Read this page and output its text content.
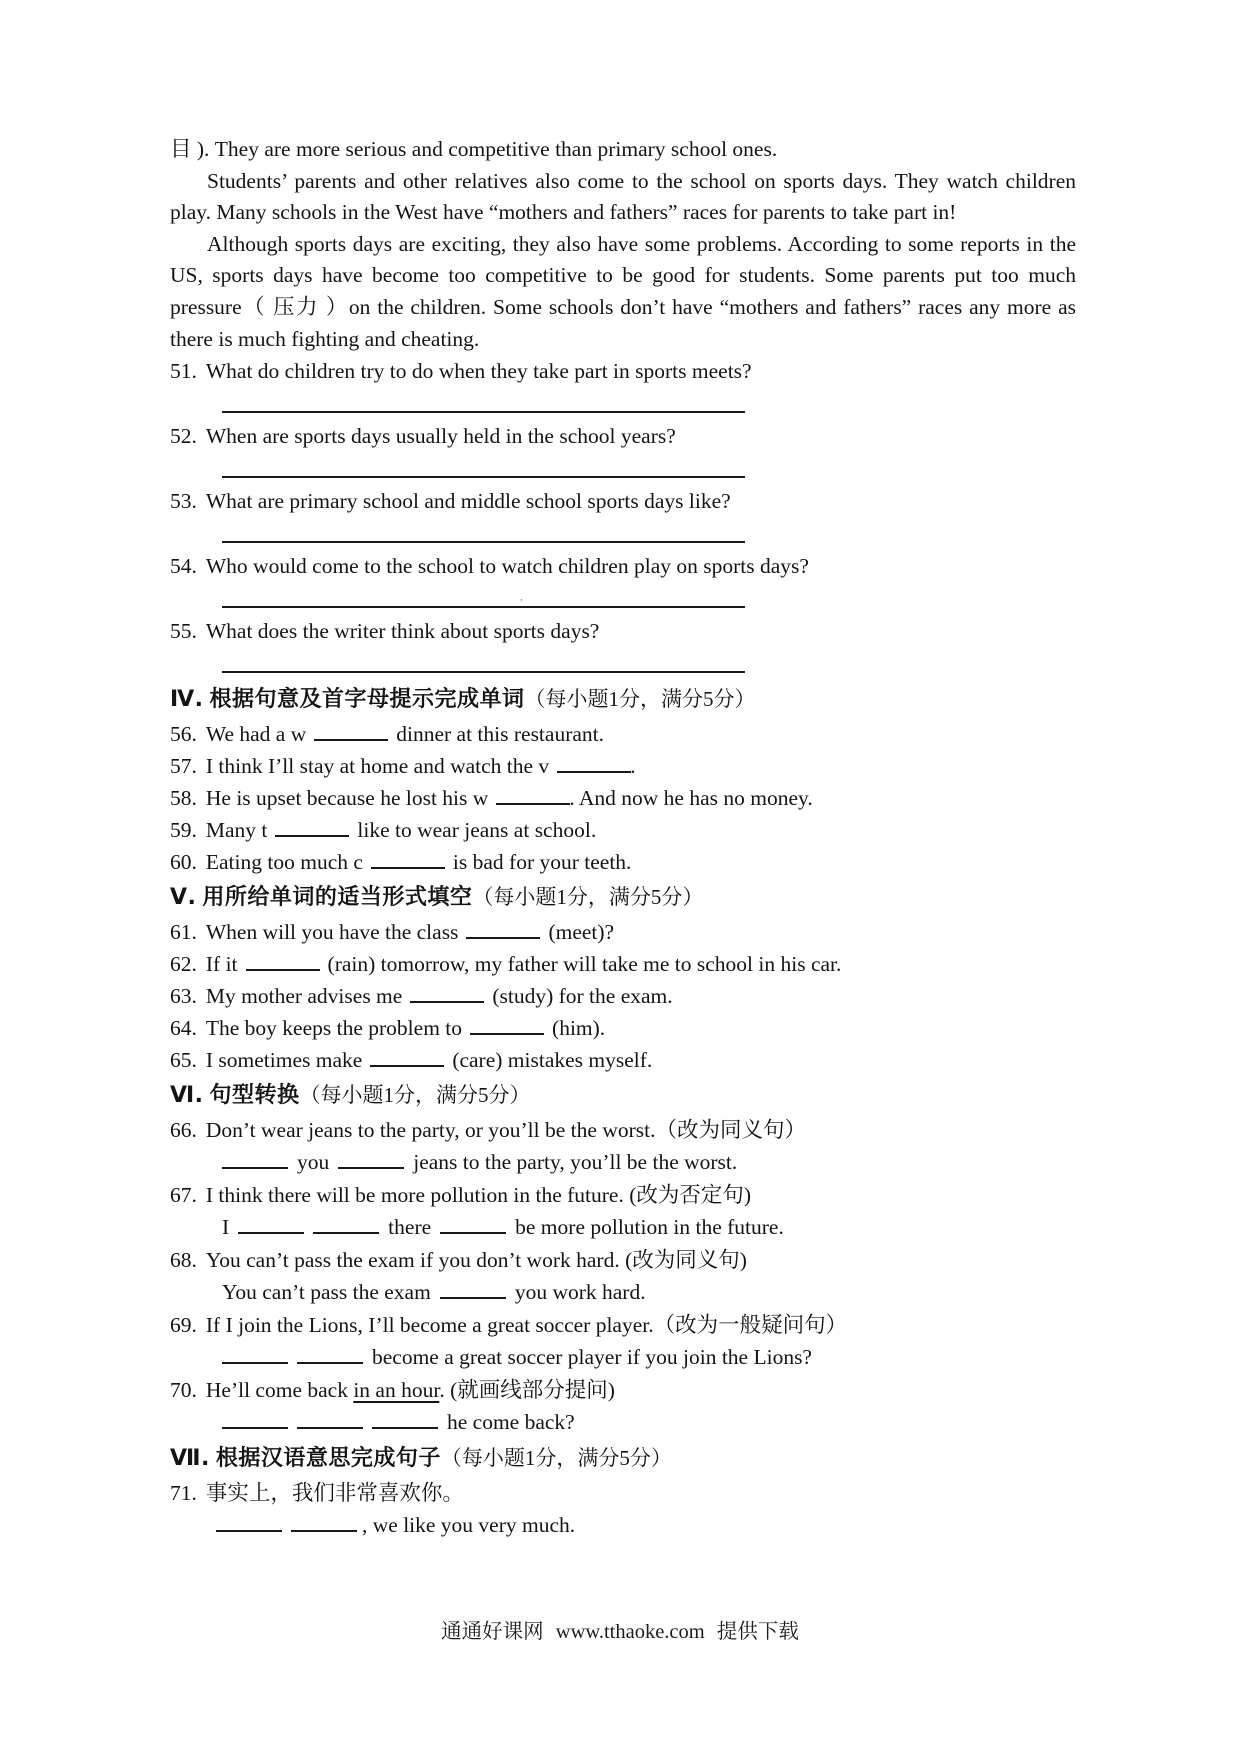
目 ). They are more serious and competitive than primary school ones.

Students’ parents and other relatives also come to the school on sports days. They watch children play. Many schools in the West have “mothers and fathers” races for parents to take part in!

Although sports days are exciting, they also have some problems. According to some reports in the US, sports days have become too competitive to be good for students. Some parents put too much pressure（ 压力 ）on the children. Some schools don’t have “mothers and fathers” races any more as there is much fighting and cheating.

51. What do children try to do when they take part in sports meets?
52. When are sports days usually held in the school years?
53. What are primary school and middle school sports days like?
54. Who would come to the school to watch children play on sports days?
,
55. What does the writer think about sports days?
Ⅳ. 根据句意及首字母提示完成单词（每小题1分，满分5分）
56. We had a w	dinner at this restaurant.
57. I think I’ll stay at home and watch the v	.
58. He is upset because he lost his w	. And now he has no money.
59. Many t	like to wear jeans at school.
60. Eating too much c	is bad for your teeth.
Ⅴ. 用所给单词的适当形式填空（每小题1分，满分5分）
61. When will you have the class	(meet)?
62. If it	(rain) tomorrow, my father will take me to school in his car.
63. My mother advises me	(study) for the exam.
64. The boy keeps the problem to	(him).
65. I sometimes make	(care) mistakes myself.
Ⅵ. 句型转换（每小题1分，满分5分）
66. Don’t wear jeans to the party, or you’ll be the worst.（改为同义句）
you	jeans to the party, you’ll be the worst.
67. I think there will be more pollution in the future. (改为否定句)
I	there	be more pollution in the future.
68. You can’t pass the exam if you don’t work hard. (改为同义句)
You can’t pass the exam	you work hard.
69. If I join the Lions, I’ll become a great soccer player.（改为一般疑问句）
become a great soccer player if you join the Lions?
70. He’ll come back in an hour. (就画线部分提问)
he come back?
Ⅶ. 根据汉语意思完成句子（每小题1分，满分5分）
71. 事实上，我们非常喜欢你。
, we like you very much.
通通好课网 www.tthaoke.com 提供下载
